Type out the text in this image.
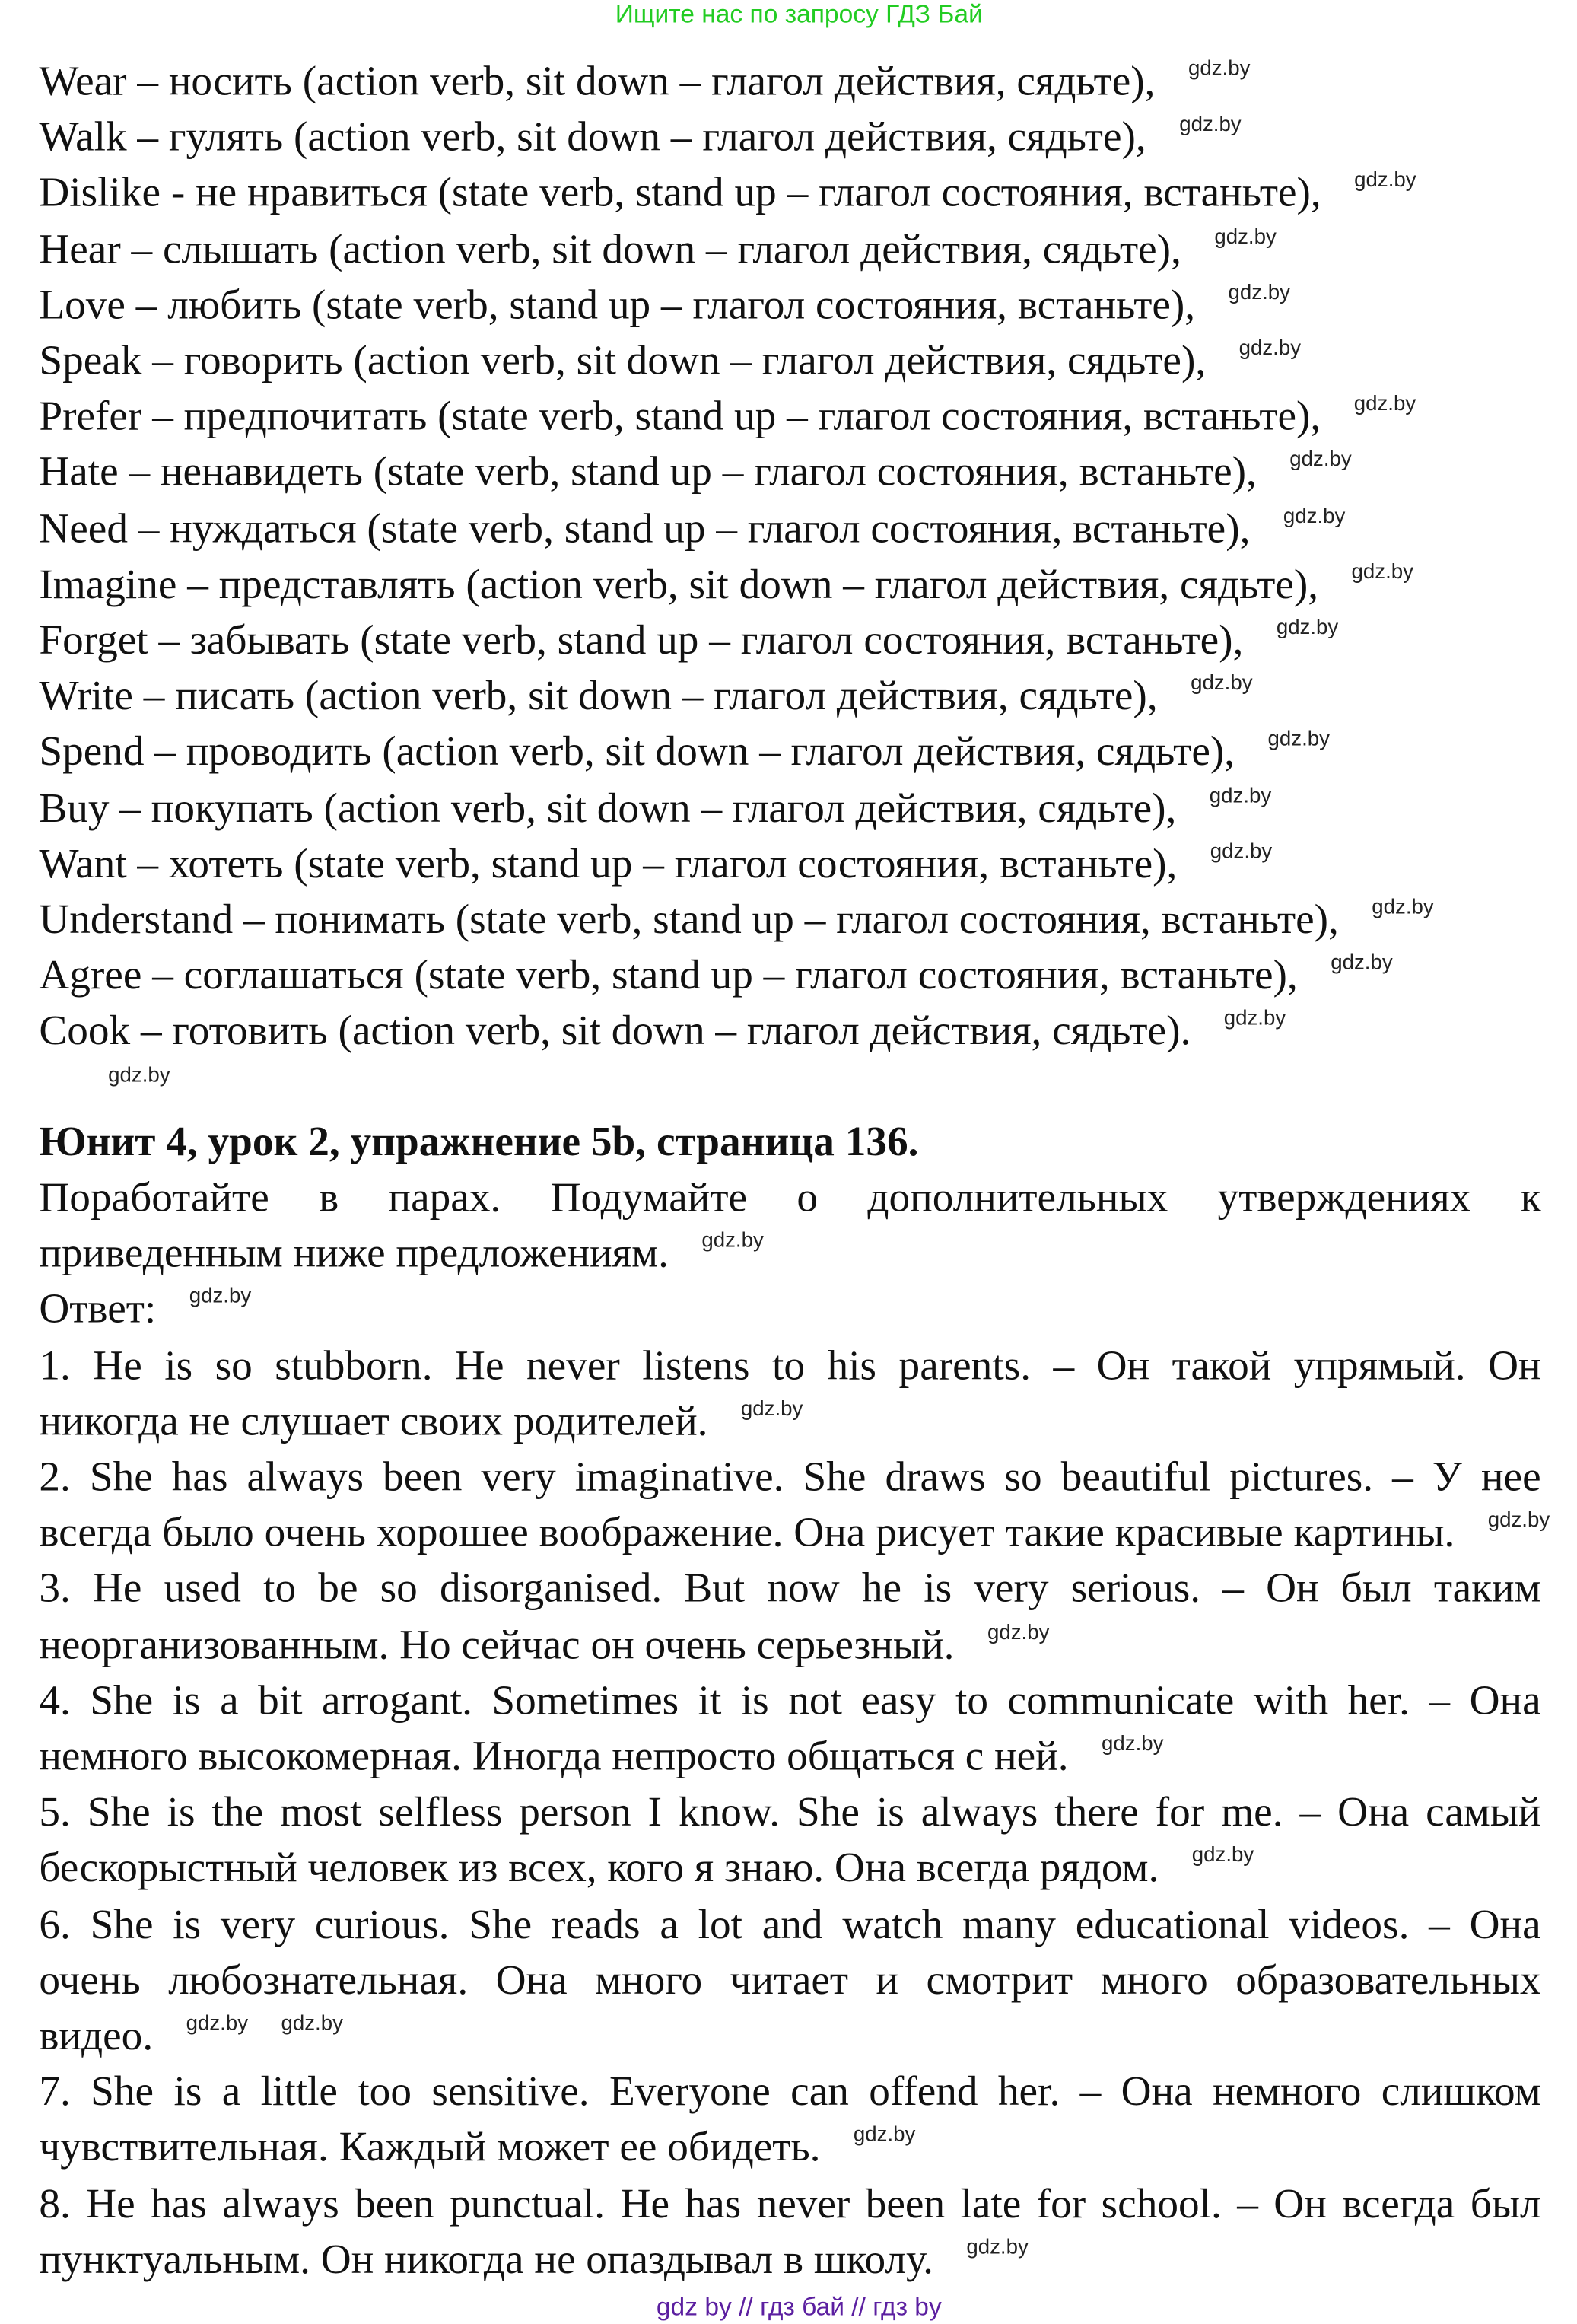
Ищите нас по запросу ГДЗ Бай
Wear – носить (action verb, sit down – глагол действия, сядьте),	$^{gdz.by}$
Walk – гулять (action verb, sit down – глагол действия, сядьте),	$^{gdz.by}$
Dislike - не нравиться (state verb, stand up – глагол состояния, встаньте),	$^{gdz.by}$
Hear – слышать (action verb, sit down – глагол действия, сядьте),	$^{gdz.by}$
Love – любить (state verb, stand up – глагол состояния, встаньте),	$^{gdz.by}$
Speak – говорить (action verb, sit down – глагол действия, сядьте),	$^{gdz.by}$
Prefer – предпочитать (state verb, stand up – глагол состояния, встаньте),	$^{gdz.by}$
Hate – ненавидеть (state verb, stand up – глагол состояния, встаньте),	$^{gdz.by}$
Need – нуждаться (state verb, stand up – глагол состояния, встаньте),	$^{gdz.by}$
Imagine – представлять (action verb, sit down – глагол действия, сядьте),	$^{gdz.by}$
Forget – забывать (state verb, stand up – глагол состояния, встаньте),	$^{gdz.by}$
Write – писать (action verb, sit down – глагол действия, сядьте),	$^{gdz.by}$
Spend – проводить (action verb, sit down – глагол действия, сядьте),	$^{gdz.by}$
Buy – покупать (action verb, sit down – глагол действия, сядьте),	$^{gdz.by}$
Want – хотеть (state verb, stand up – глагол состояния, встаньте),	$^{gdz.by}$
Understand – понимать (state verb, stand up – глагол состояния, встаньте),	$^{gdz.by}$
Agree – соглашаться (state verb, stand up – глагол состояния, встаньте),	$^{gdz.by}$
Cook – готовить (action verb, sit down – глагол действия, сядьте).	$^{gdz.by}$
Юнит 4, урок 2, упражнение 5b, страница 136.
Поработайте в парах. Подумайте о дополнительных утверждениях к
приведенным ниже предложениям.	$^{gdz.by}$
Ответ:	$^{gdz.by}$
1. He is so stubborn. He never listens to his parents. – Он такой упрямый. Он
никогда не слушает своих родителей.	$^{gdz.by}$
2. She has always been very imaginative. She draws so beautiful pictures. – У нее
всегда было очень хорошее воображение. Она рисует такие красивые картины.	$^{gdz.by}$
3. He used to be so disorganised. But now he is very serious. – Он был таким
неорганизованным. Но сейчас он очень серьезный.	$^{gdz.by}$
4. She is a bit arrogant. Sometimes it is not easy to communicate with her. – Она
немного высокомерная. Иногда непросто общаться с ней.	$^{gdz.by}$
5. She is the most selfless person I know. She is always there for me. – Она самый
бескорыстный человек из всех, кого я знаю. Она всегда рядом.	$^{gdz.by}$
6. She is very curious. She reads a lot and watch many educational videos. – Она
очень любознательная. Она много читает и смотрит много образовательных
видео.	$^{gdz.by}$	$^{gdz.by}$
7. She is a little too sensitive. Everyone can offend her. – Она немного слишком
чувствительная. Каждый может ее обидеть.	$^{gdz.by}$
8. He has always been punctual. He has never been late for school. – Он всегда был
пунктуальным. Он никогда не опаздывал в школу.	$^{gdz.by}$
gdz.by
gdz by // гдз бай // гдз by
